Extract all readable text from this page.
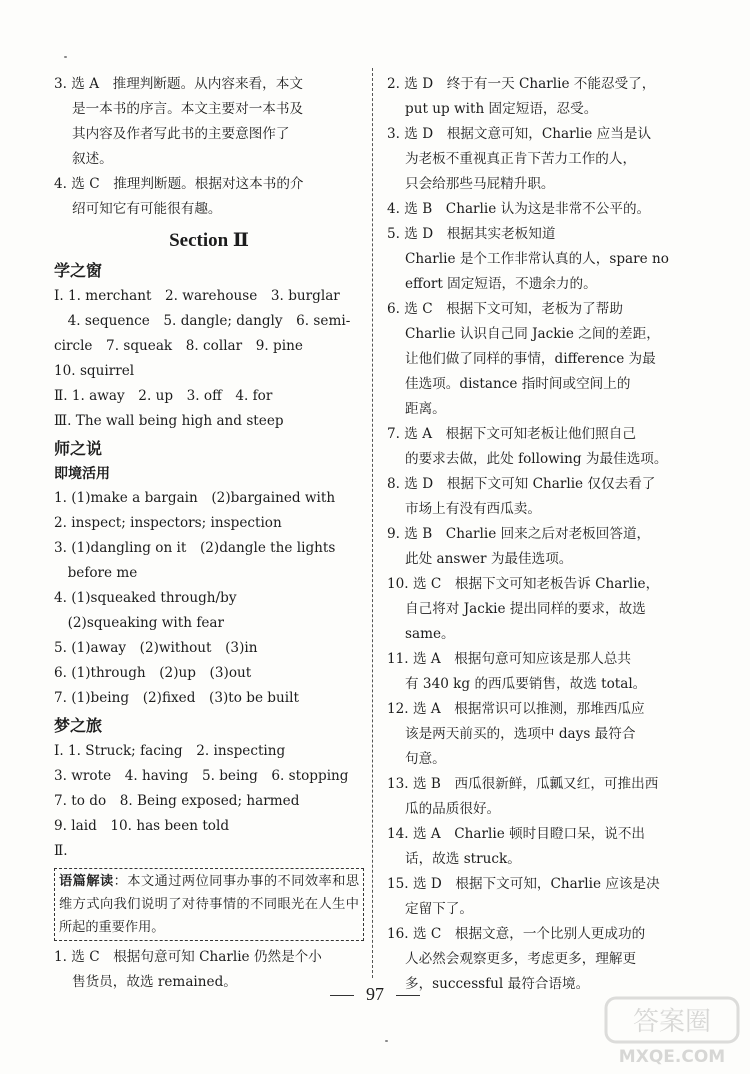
3. 选 A　推理判断题。从内容来看，本文
是一本书的序言。本文主要对一本书及
其内容及作者写此书的主要意图作了
叙述。
4. 选 C　推理判断题。根据对这本书的介
绍可知它有可能很有趣。
Section Ⅱ
学之窗
Ⅰ. 1. merchant　2. warehouse　3. burglar
　4. sequence　5. dangle; dangly　6. semi-
circle　7. squeak　8. collar　9. pine
10. squirrel
Ⅱ. 1. away　2. up　3. off　4. for
Ⅲ. The wall being high and steep
师之说
即境活用
1. (1)make a bargain　(2)bargained with
2. inspect; inspectors; inspection
3. (1)dangling on it　(2)dangle the lights
　before me
4. (1)squeaked through/by
　(2)squeaking with fear
5. (1)away　(2)without　(3)in
6. (1)through　(2)up　(3)out
7. (1)being　(2)fixed　(3)to be built
梦之旅
Ⅰ. 1. Struck; facing　2. inspecting
3. wrote　4. having　5. being　6. stopping
7. to do　8. Being exposed; harmed
9. laid　10. has been told
Ⅱ.
语篇解读：本文通过两位同事办事的不同效率和思维方式向我们说明了对待事情的不同眼光在人生中所起的重要作用。
1. 选 C　根据句意可知 Charlie 仍然是个小
售货员，故选 remained。
2. 选 D　终于有一天 Charlie 不能忍受了，
put up with 固定短语，忍受。
3. 选 D　根据文意可知，Charlie 应当是认
为老板不重视真正肯下苦力工作的人，
只会给那些马屁精升职。
4. 选 B　Charlie 认为这是非常不公平的。
5. 选 D　根据其实老板知道
Charlie 是个工作非常认真的人，spare no
effort 固定短语，不遗余力的。
6. 选 C　根据下文可知，老板为了帮助
Charlie 认识自己同 Jackie 之间的差距，
让他们做了同样的事情，difference 为最
佳选项。distance 指时间或空间上的
距离。
7. 选 A　根据下文可知老板让他们照自己
的要求去做，此处 following 为最佳选项。
8. 选 D　根据下文可知 Charlie 仅仅去看了
市场上有没有西瓜卖。
9. 选 B　Charlie 回来之后对老板回答道，
此处 answer 为最佳选项。
10. 选 C　根据下文可知老板告诉 Charlie，
自己将对 Jackie 提出同样的要求，故选
same。
11. 选 A　根据句意可知应该是那人总共
有 340 kg 的西瓜要销售，故选 total。
12. 选 A　根据常识可以推测，那堆西瓜应
该是两天前买的，选项中 days 最符合
句意。
13. 选 B　西瓜很新鲜，瓜瓤又红，可推出西
瓜的品质很好。
14. 选 A　Charlie 顿时目瞪口呆，说不出
话，故选 struck。
15. 选 D　根据下文可知，Charlie 应该是决
定留下了。
16. 选 C　根据文意，一个比别人更成功的
人必然会观察更多，考虑更多，理解更
多，successful 最符合语境。
97
答案圈
MXQE.COM
